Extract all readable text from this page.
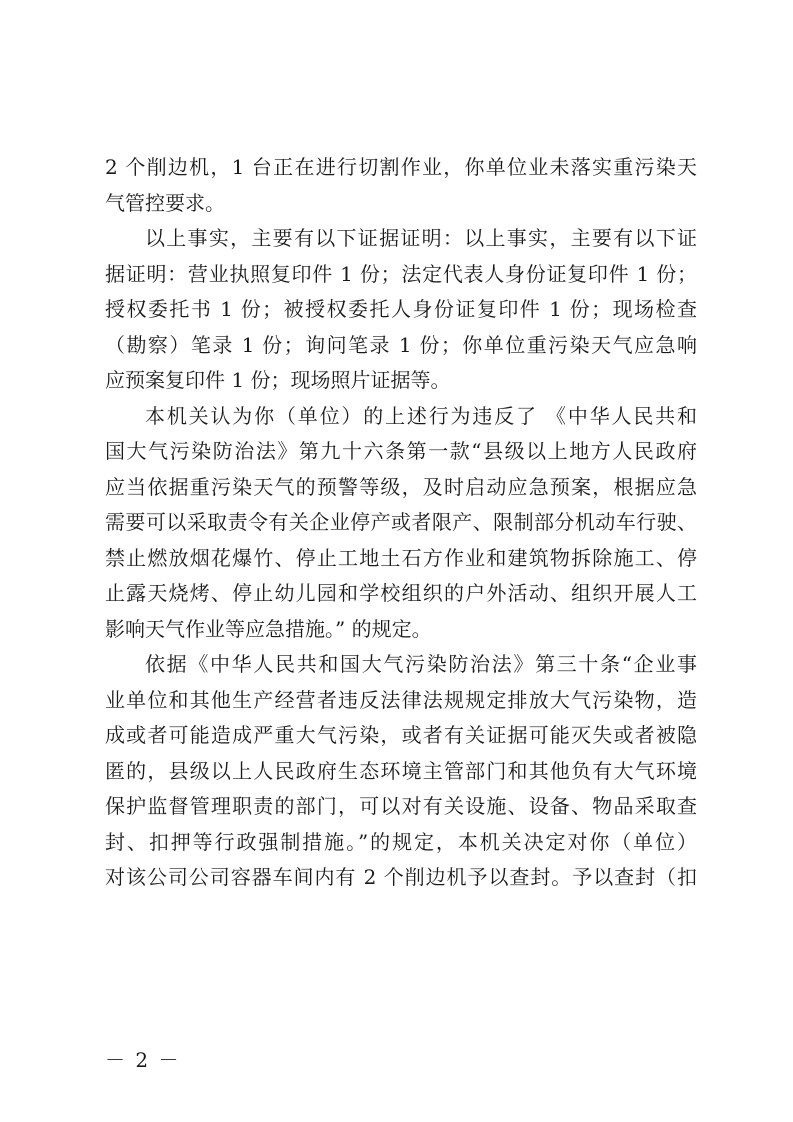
2 个削边机，1 台正在进行切割作业，你单位业未落实重污染天
气管控要求。
以上事实，主要有以下证据证明：以上事实，主要有以下证
据证明：营业执照复印件 1 份；法定代表人身份证复印件 1 份；
授权委托书 1 份；被授权委托人身份证复印件 1 份；现场检查
（勘察）笔录 1 份；询问笔录 1 份；你单位重污染天气应急响
应预案复印件 1 份；现场照片证据等。
本机关认为你（单位）的上述行为违反了 《中华人民共和
国大气污染防治法》第九十六条第一款“县级以上地方人民政府
应当依据重污染天气的预警等级，及时启动应急预案，根据应急
需要可以采取责令有关企业停产或者限产、限制部分机动车行驶、
禁止燃放烟花爆竹、停止工地土石方作业和建筑物拆除施工、停
止露天烧烤、停止幼儿园和学校组织的户外活动、组织开展人工
影响天气作业等应急措施。” 的规定。
依据《中华人民共和国大气污染防治法》第三十条“企业事
业单位和其他生产经营者违反法律法规规定排放大气污染物，造
成或者可能造成严重大气污染，或者有关证据可能灭失或者被隐
匿的，县级以上人民政府生态环境主管部门和其他负有大气环境
保护监督管理职责的部门，可以对有关设施、设备、物品采取查
封、扣押等行政强制措施。”的规定，本机关决定对你（单位）
对该公司公司容器车间内有 2 个削边机予以查封。予以查封（扣
－ 2 －
